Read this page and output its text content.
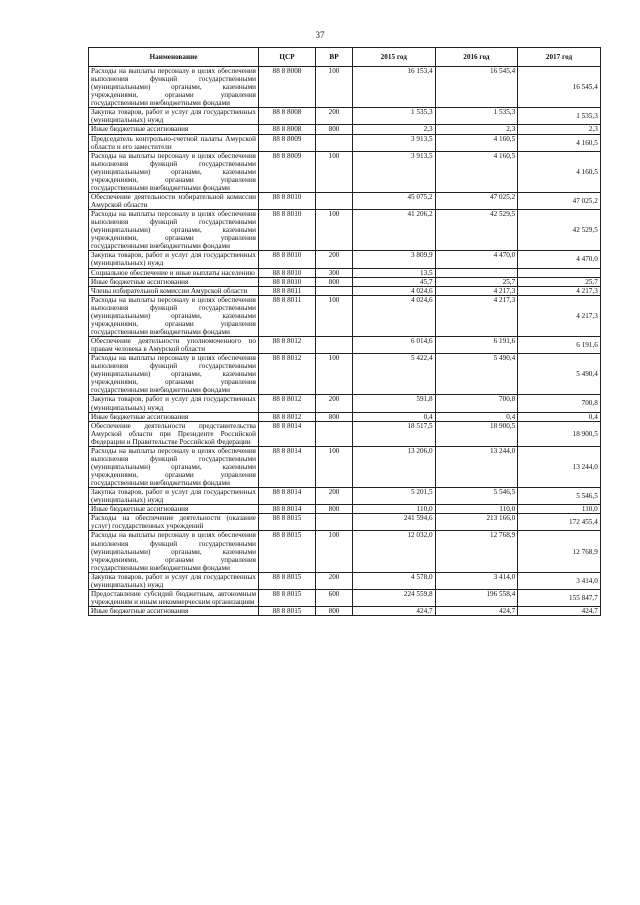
37
Наименование	ЦСР	ВР	2015 год	2016 год	2017 год
Расходы на выплаты персоналу в целях обеспечения выполнения функций государственными (муниципальными) органами, казенными учреждениями, органами управления государственными внебюджетными фондами	88 8 8008	100	16 153,4	16 545,4	16 545,4
Закупка товаров, работ и услуг для государственных (муниципальных) нужд	88 8 8008	200	1 535,3	1 535,3	1 535,3
Иные бюджетные ассигнования	88 8 8008	800	2,3	2,3	2,3
Председатель контрольно-счетной палаты Амурской области и его заместители	88 8 8009		3 913,5	4 160,5	4 160,5
Расходы на выплаты персоналу в целях обеспечения выполнения функций государственными (муниципальными) органами, казенными учреждениями, органами управления государственными внебюджетными фондами	88 8 8009	100	3 913,5	4 160,5	4 160,5
Обеспечение деятельности избирательной комиссии Амурской области	88 8 8010		45 075,2	47 025,2	47 025,2
Расходы на выплаты персоналу в целях обеспечения выполнения функций государственными (муниципальными) органами, казенными учреждениями, органами управления государственными внебюджетными фондами	88 8 8010	100	41 206,2	42 529,5	42 529,5
Закупка товаров, работ и услуг для государственных (муниципальных) нужд	88 8 8010	200	3 809,9	4 470,0	4 470,0
Социальное обеспечение и иные выплаты населению	88 8 8010	300	13,5		
Иные бюджетные ассигнования	88 8 8010	800	45,7	25,7	25,7
Члены избирательной комиссии Амурской области	88 8 8011		4 024,6	4 217,3	4 217,3
Расходы на выплаты персоналу в целях обеспечения выполнения функций государственными (муниципальными) органами, казенными учреждениями, органами управления государственными внебюджетными фондами	88 8 8011	100	4 024,6	4 217,3	4 217,3
Обеспечение деятельности уполномоченного по правам человека в Амурской области	88 8 8012		6 014,6	6 191,6	6 191,6
Расходы на выплаты персоналу в целях обеспечения выполнения функций государственными (муниципальными) органами, казенными учреждениями, органами управления государственными внебюджетными фондами	88 8 8012	100	5 422,4	5 490,4	5 490,4
Закупка товаров, работ и услуг для государственных (муниципальных) нужд	88 8 8012	200	591,8	700,8	700,8
Иные бюджетные ассигнования	88 8 8012	800	0,4	0,4	0,4
Обеспечение деятельности представительства Амурской области при Президенте Российской Федерации и Правительстве Российской Федерации	88 8 8014		18 517,5	18 900,5	18 900,5
Расходы на выплаты персоналу в целях обеспечения выполнения функций государственными (муниципальными) органами, казенными учреждениями, органами управления государственными внебюджетными фондами	88 8 8014	100	13 206,0	13 244,0	13 244,0
Закупка товаров, работ и услуг для государственных (муниципальных) нужд	88 8 8014	200	5 201,5	5 546,5	5 546,5
Иные бюджетные ассигнования	88 8 8014	800	110,0	110,0	110,0
Расходы на обеспечение деятельности (оказание услуг) государственных учреждений	88 8 8015		241 594,6	213 166,0	172 455,4
Расходы на выплаты персоналу в целях обеспечения выполнения функций государственными (муниципальными) органами, казенными учреждениями, органами управления государственными внебюджетными фондами	88 8 8015	100	12 032,0	12 768,9	12 768,9
Закупка товаров, работ и услуг для государственных (муниципальных) нужд	88 8 8015	200	4 578,0	3 414,0	3 414,0
Предоставление субсидий бюджетным, автономным учреждениям и иным некоммерческим организациям	88 8 8015	600	224 559,8	196 558,4	155 847,7
Иные бюджетные ассигнования	88 8 8015	800	424,7	424,7	424,7
